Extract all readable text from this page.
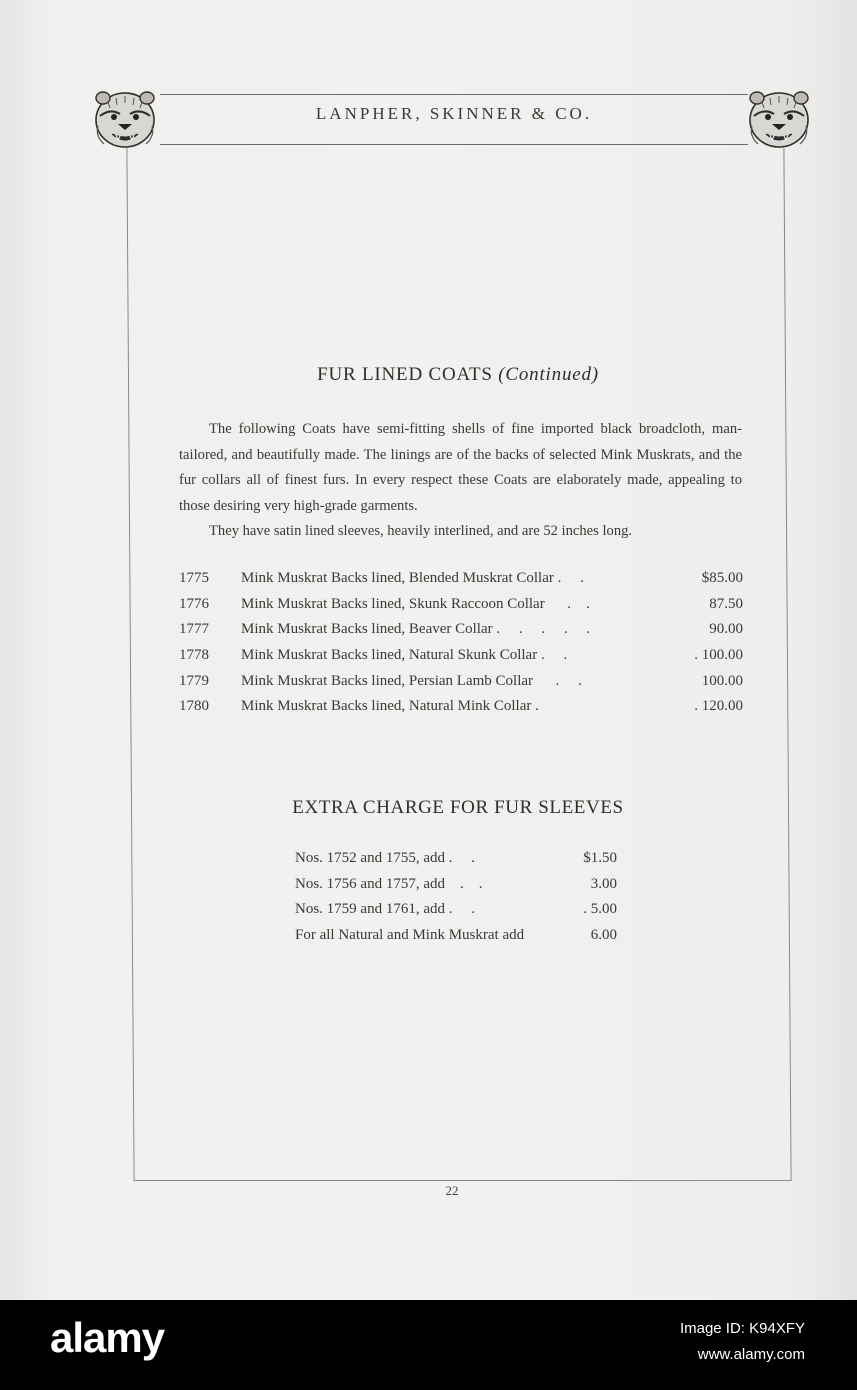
LANPHER, SKINNER & CO.
FUR LINED COATS (Continued)

The following Coats have semi-fitting shells of fine imported black broadcloth, man-tailored, and beautifully made. The linings are of the backs of selected Mink Muskrats, and the fur collars all of finest furs. In every respect these Coats are elaborately made, appealing to those desiring very high-grade garments.

They have satin lined sleeves, heavily interlined, and are 52 inches long.

1775 Mink Muskrat Backs lined, Blended Muskrat Collar .     .	$85.00
1776 Mink Muskrat Backs lined, Skunk Raccoon Collar      .    .	87.50
1777 Mink Muskrat Backs lined, Beaver Collar .     .     .     .     .	90.00
1778 Mink Muskrat Backs lined, Natural Skunk Collar .     .	. 100.00
1779 Mink Muskrat Backs lined, Persian Lamb Collar      .     .	100.00
1780 Mink Muskrat Backs lined, Natural Mink Collar .	. 120.00
EXTRA CHARGE FOR FUR SLEEVES
Nos. 1752 and 1755, add .     .	$1.50
Nos. 1756 and 1757, add    .    .	3.00
Nos. 1759 and 1761, add .     .	. 5.00
For all Natural and Mink Muskrat add	6.00
22
alamy	Image ID: K94XFY
www.alamy.com
